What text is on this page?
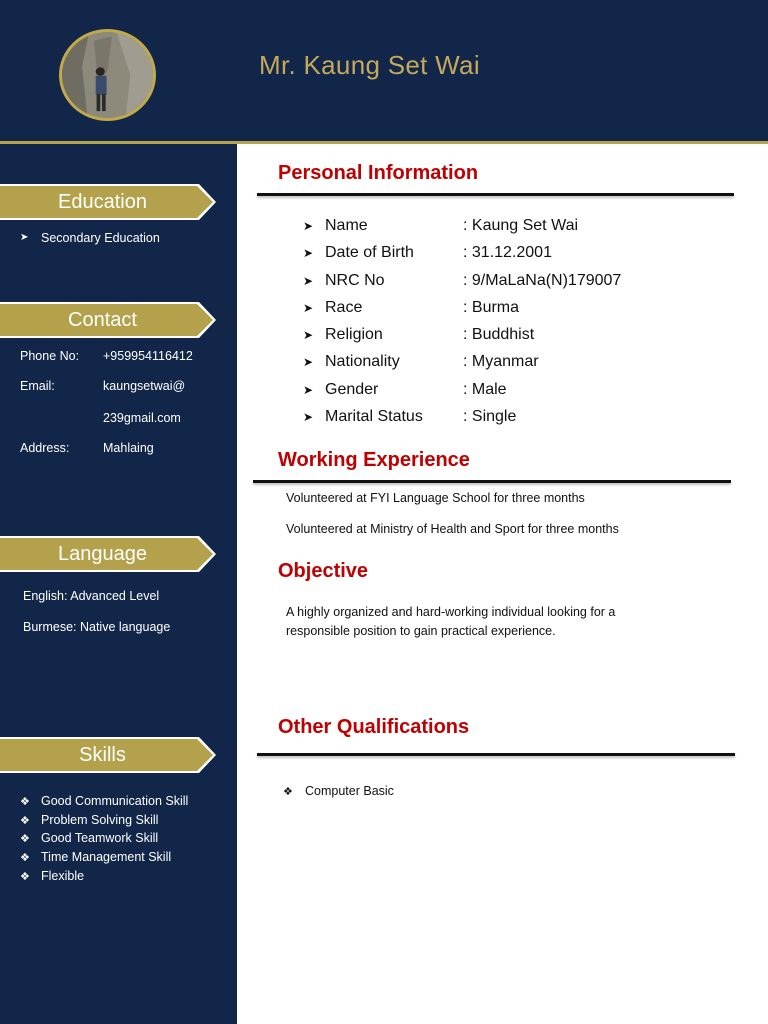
Mr. Kaung Set Wai
Education
➤ Secondary Education
Contact
Phone No: +959954116412
Email:	kaungsetwai@
239gmail.com
Address:	Mahlaing
Language
English: Advanced Level
Burmese: Native language
Skills
❖ Good Communication Skill
❖ Problem Solving Skill
❖ Good Teamwork Skill
❖ Time Management Skill
❖ Flexible
Personal Information
➤ Name	: Kaung Set Wai
➤ Date of Birth	: 31.12.2001
➤ NRC No	: 9/MaLaNa(N)179007
➤ Race	: Burma
➤ Religion	: Buddhist
➤ Nationality	: Myanmar
➤ Gender	: Male
➤ Marital Status	: Single
Working Experience
Volunteered at FYI Language School for three months
Volunteered at Ministry of Health and Sport for three months
Objective
A highly organized and hard-working individual looking for a responsible position to gain practical experience.
Other Qualifications
❖ Computer Basic
